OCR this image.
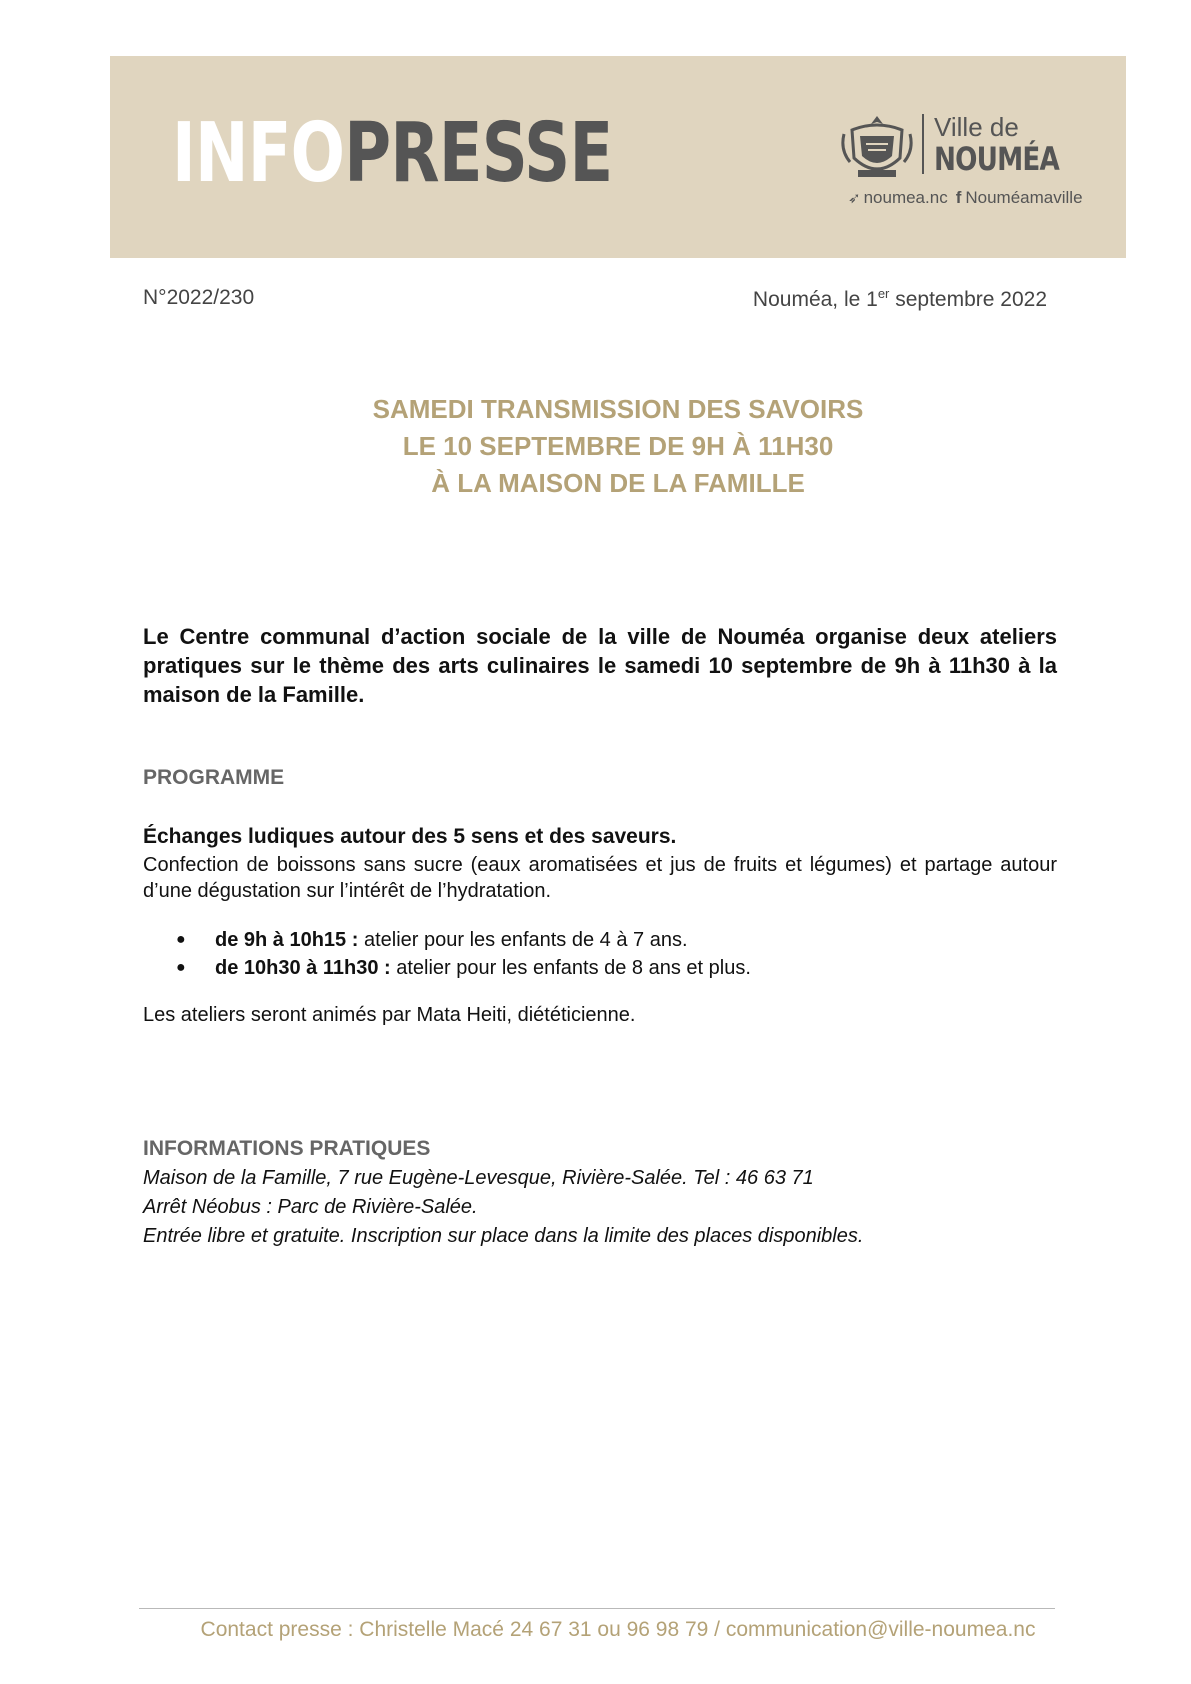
INFOPRESSE	Ville de
NOUMÉA
➶ noumea.nc f Nouméamaville
N°2022/230	Nouméa, le 1er septembre 2022
SAMEDI TRANSMISSION DES SAVOIRS
LE 10 SEPTEMBRE DE 9H À 11H30
À LA MAISON DE LA FAMILLE
Le Centre communal d’action sociale de la ville de Nouméa organise deux ateliers pratiques sur le thème des arts culinaires le samedi 10 septembre de 9h à 11h30 à la maison de la Famille.
PROGRAMME
Échanges ludiques autour des 5 sens et des saveurs.
Confection de boissons sans sucre (eaux aromatisées et jus de fruits et légumes) et partage autour d’une dégustation sur l’intérêt de l’hydratation.
● de 9h à 10h15 : atelier pour les enfants de 4 à 7 ans.
● de 10h30 à 11h30 : atelier pour les enfants de 8 ans et plus.
Les ateliers seront animés par Mata Heiti, diététicienne.
INFORMATIONS PRATIQUES
Maison de la Famille, 7 rue Eugène-Levesque, Rivière-Salée. Tel : 46 63 71
Arrêt Néobus : Parc de Rivière-Salée.
Entrée libre et gratuite. Inscription sur place dans la limite des places disponibles.
Contact presse : Christelle Macé 24 67 31 ou 96 98 79 / communication@ville-noumea.nc
